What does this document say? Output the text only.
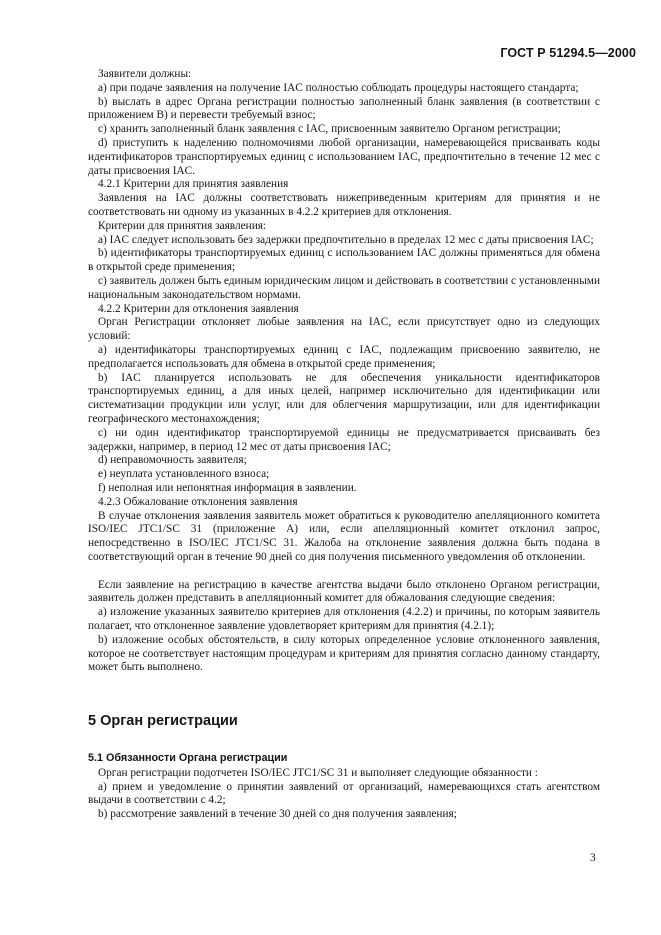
ГОСТ Р 51294.5—2000

Заявители должны:

а) при подаче заявления на получение IAC полностью соблюдать процедуры настоящего стандарта;

b) выслать в адрес Органа регистрации полностью заполненный бланк заявления (в соответствии с приложением В) и перевести требуемый взнос;

с) хранить заполненный бланк заявления с IAC, присвоенным заявителю Органом регистрации;

d) приступить к наделению полномочиями любой организации, намеревающейся присваивать коды идентификаторов транспортируемых единиц с использованием IAC, предпочтительно в течение 12 мес с даты присвоения IAC.

4.2.1 Критерии для принятия заявления

Заявления на IAC должны соответствовать нижеприведенным критериям для принятия и не соответствовать ни одному из указанных в 4.2.2 критериев для отклонения.

Критерии для принятия заявления:

а) IAC следует использовать без задержки предпочтительно в пределах 12 мес с даты присвоения IAC;

b) идентификаторы транспортируемых единиц с использованием IAC должны применяться для обмена в открытой среде применения;

с) заявитель должен быть единым юридическим лицом и действовать в соответствии с установленными национальным законодательством нормами.

4.2.2 Критерии для отклонения заявления

Орган Регистрации отклоняет любые заявления на IAC, если присутствует одно из следующих условий:

а) идентификаторы транспортируемых единиц с IAC, подлежащим присвоению заявителю, не предполагается использовать для обмена в открытой среде применения;

b) IAC планируется использовать не для обеспечения уникальности идентификаторов транспортируемых единиц, а для иных целей, например исключительно для идентификации или систематизации продукции или услуг, или для облегчения маршрутизации, или для идентификации географического местонахождения;

с) ни один идентификатор транспортируемой единицы не предусматривается присваивать без задержки, например, в период 12 мес от даты присвоения IAC;

d) неправомочность заявителя;

е) неуплата установленного взноса;

f) неполная или непонятная информация в заявлении.

4.2.3 Обжалование отклонения заявления

В случае отклонения заявления заявитель может обратиться к руководителю апелляционного комитета ISO/IEC JTC1/SC 31 (приложение А) или, если апелляционный комитет отклонил запрос, непосредственно в ISO/IEC JTC1/SC 31. Жалоба на отклонение заявления должна быть подана в соответствующий орган в течение 90 дней со дня получения письменного уведомления об отклонении.

Если заявление на регистрацию в качестве агентства выдачи было отклонено Органом регистрации, заявитель должен представить в апелляционный комитет для обжалования следующие сведения:

а) изложение указанных заявителю критериев для отклонения (4.2.2) и причины, по которым заявитель полагает, что отклоненное заявление удовлетворяет критериям для принятия (4.2.1);

b) изложение особых обстоятельств, в силу которых определенное условие отклоненного заявления, которое не соответствует настоящим процедурам и критериям для принятия согласно данному стандарту, может быть выполнено.

5 Орган регистрации

5.1 Обязанности Органа регистрации

Орган регистрации подотчетен ISO/IEC JTC1/SC 31 и выполняет следующие обязанности :

а) прием и уведомление о принятии заявлений от организаций, намеревающихся стать агентством выдачи в соответствии с 4.2;

b) рассмотрение заявлений в течение 30 дней со дня получения заявления;

3
